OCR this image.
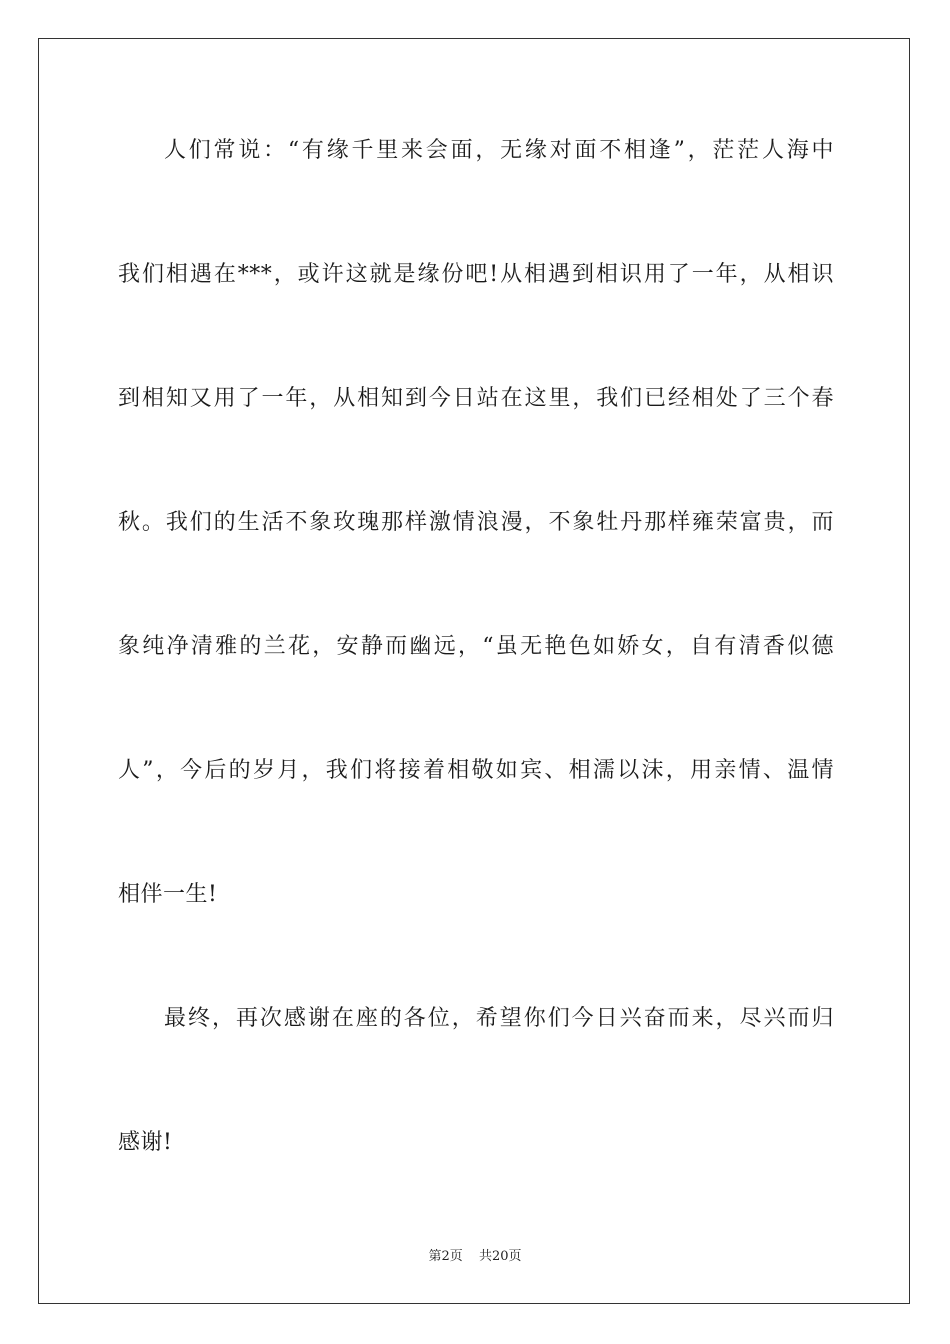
人们常说：“有缘千里来会面，无缘对面不相逢”，茫茫人海中
我们相遇在***，或许这就是缘份吧!从相遇到相识用了一年，从相识
到相知又用了一年，从相知到今日站在这里，我们已经相处了三个春
秋。我们的生活不象玫瑰那样激情浪漫，不象牡丹那样雍荣富贵，而
象纯净清雅的兰花，安静而幽远，“虽无艳色如娇女，自有清香似德
人”，今后的岁月，我们将接着相敬如宾、相濡以沫，用亲情、温情
相伴一生!
最终，再次感谢在座的各位，希望你们今日兴奋而来，尽兴而归
感谢!
第2页 共20页
